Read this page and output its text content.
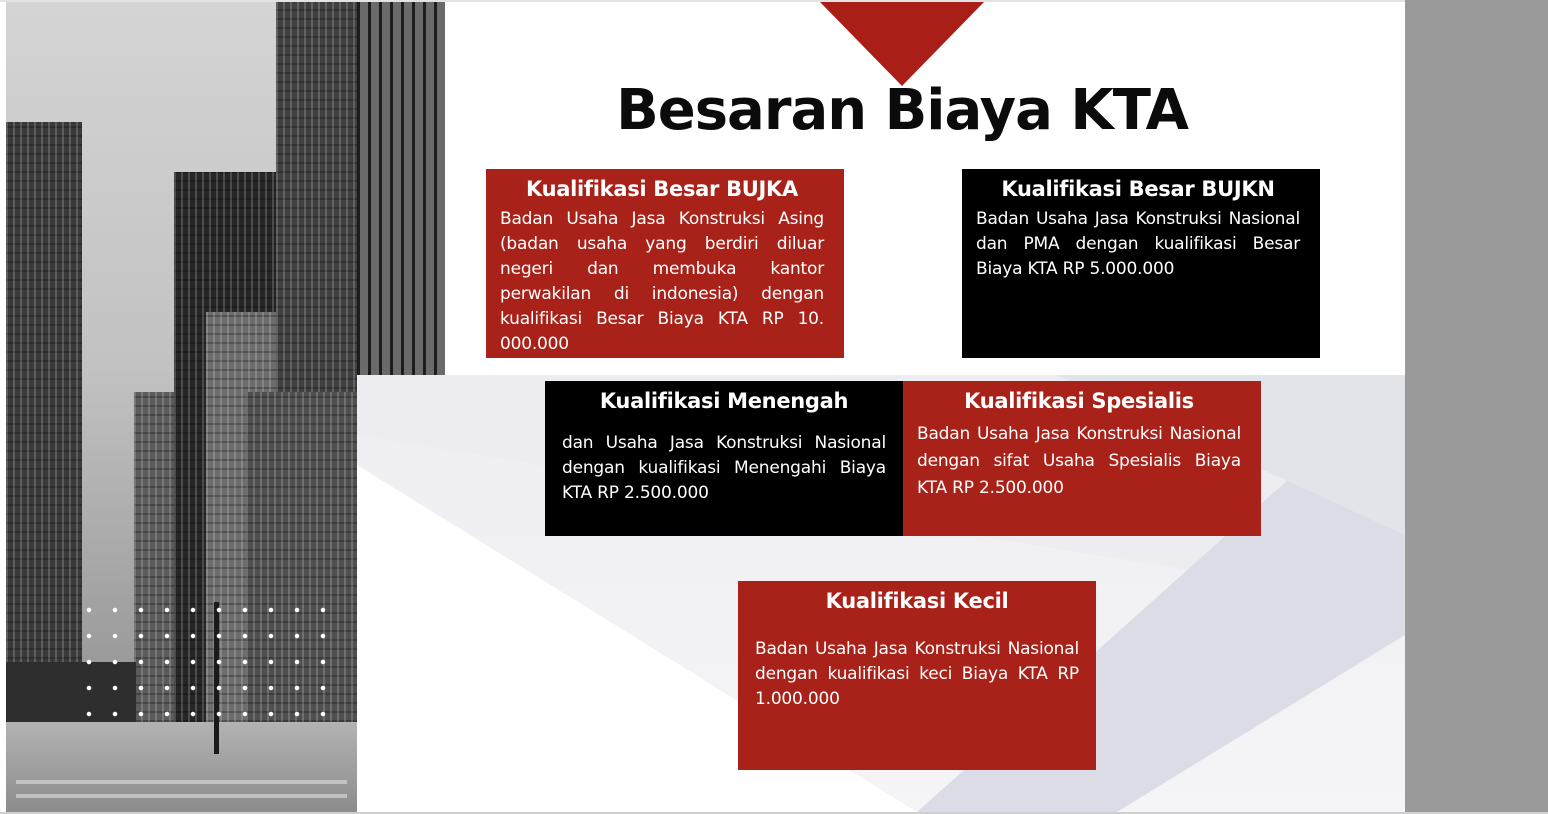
Besaran Biaya KTA
Kualifikasi Besar BUJKA

Badan Usaha Jasa Konstruksi Asing (badan usaha yang berdiri diluar negeri dan membuka kantor perwakilan di indonesia) dengan kualifikasi Besar Biaya KTA RP 10. 000.000

Kualifikasi Besar BUJKN

Badan Usaha Jasa Konstruksi Nasional dan PMA dengan kualifikasi Besar Biaya KTA RP 5.000.000

Kualifikasi Menengah

dan Usaha Jasa Konstruksi Nasional dengan kualifikasi Menengahi Biaya KTA RP 2.500.000

Kualifikasi Spesialis

Badan Usaha Jasa Konstruksi Nasional dengan sifat Usaha Spesialis Biaya KTA RP 2.500.000

Kualifikasi Kecil

Badan Usaha Jasa Konstruksi Nasional dengan kualifikasi keci Biaya KTA RP 1.000.000
